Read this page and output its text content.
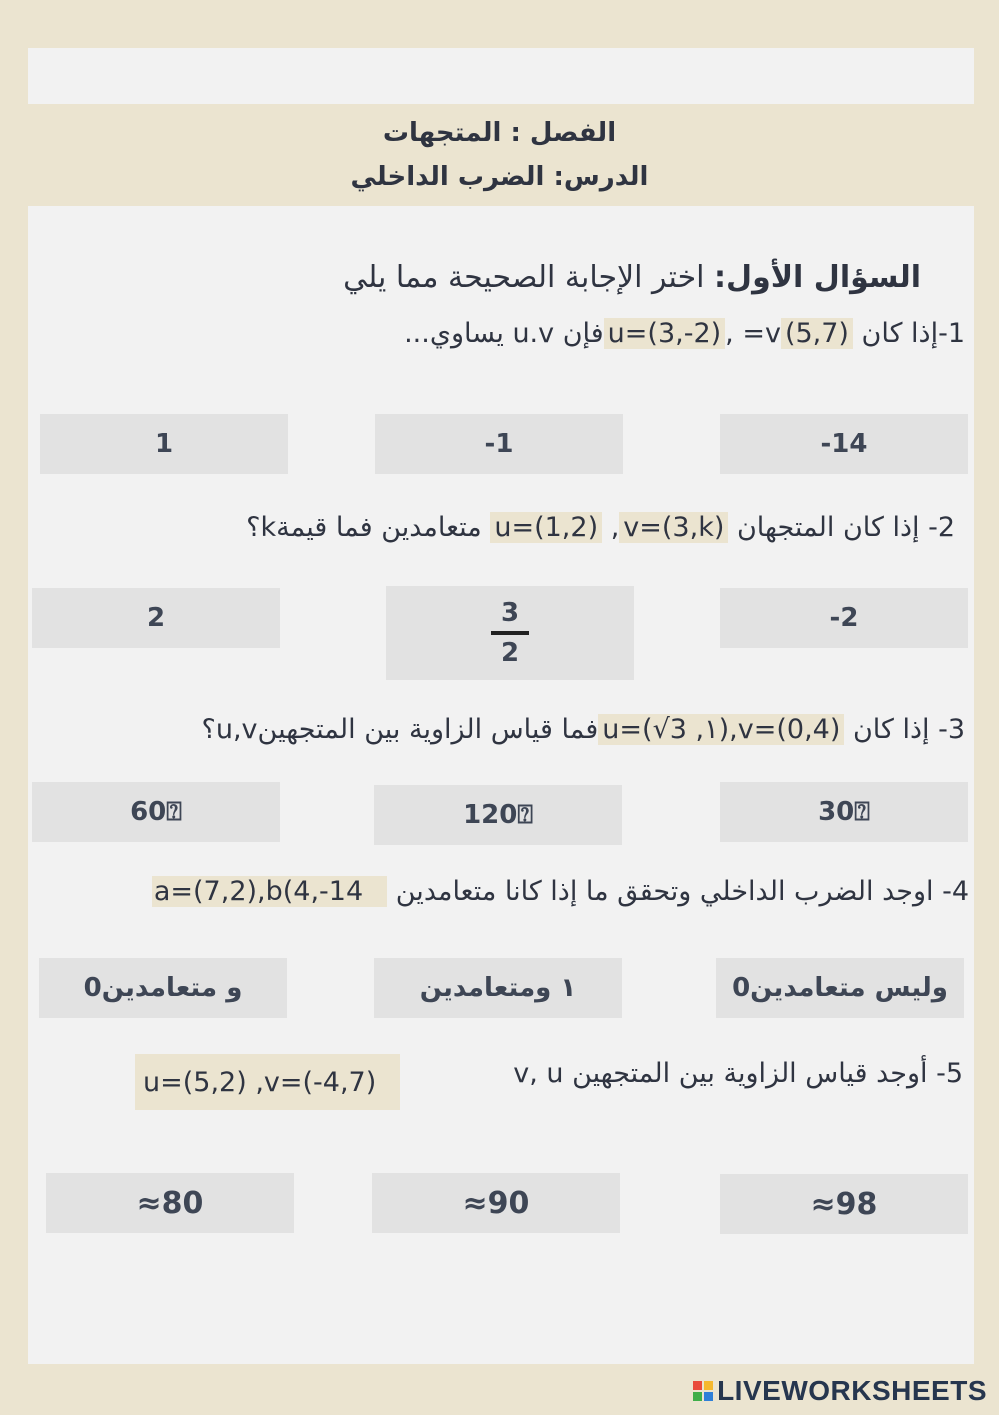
الفصل : المتجهات
الدرس: الضرب الداخلي
السؤال الأول: اختر الإجابة الصحيحة مما يلي
1-إذا كان (5,7)v= ,u=(3,-2)فإن u.v يساوي...
-14
-1
1
2- إذا كان المتجهان v=(3,k), u=(1,2) متعامدين فما قيمةk؟
-2
$\frac{3}{2}$
2
3- إذا كان u=(√3 ,١),v=(0,4)فما قياس الزاوية بين المتجهينu,v؟
30⍰
120⍰
60⍰
4- اوجد الضرب الداخلي وتحقق ما إذا كانا متعامدين a=(7,2),b(4,-14
0وليس متعامدين
١ ومتعامدين
0و متعامدين
5- أوجد قياس الزاوية بين المتجهين v, u
u=(5,2) ,v=(-4,7)
≈98
≈90
≈80
LIVEWORKSHEETS
